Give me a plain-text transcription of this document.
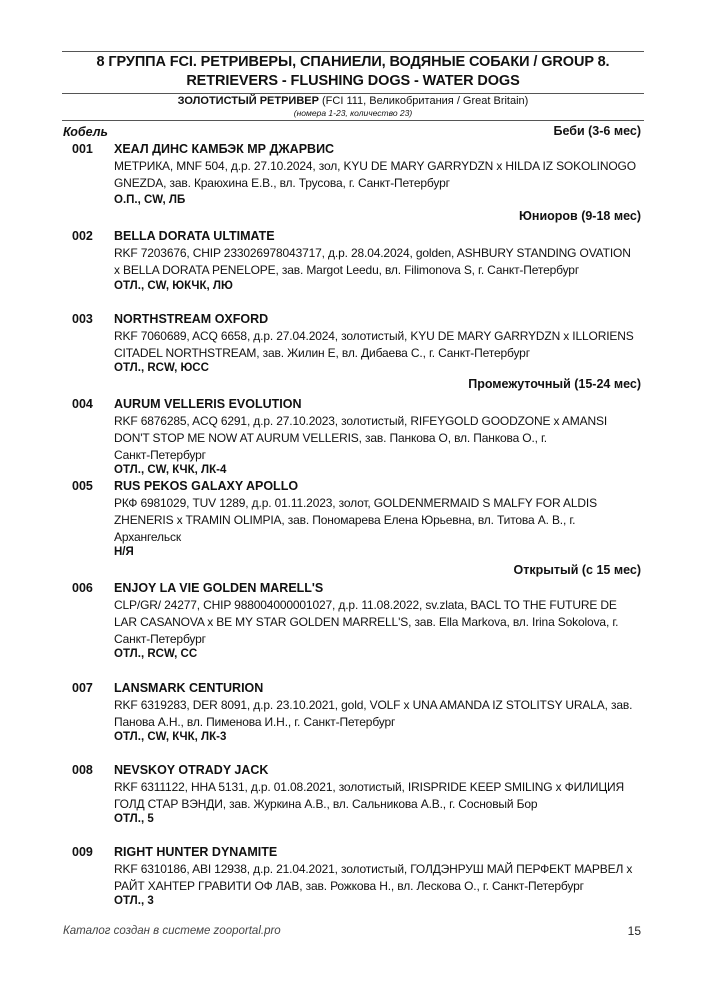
8 ГРУППА FCI. РЕТРИВЕРЫ, СПАНИЕЛИ, ВОДЯНЫЕ СОБАКИ / GROUP 8.
RETRIEVERS - FLUSHING DOGS - WATER DOGS
ЗОЛОТИСТЫЙ РЕТРИВЕР (FCI 111, Великобритания / Great Britain)
(номера 1-23, количество 23)
Кобель	Беби (3-6 мес)
Юниоров (9-18 мес)
Промежуточный (15-24 мес)
Открытый (с 15 мес)
001 ХЕАЛ ДИНС КАМБЭК МР ДЖАРВИС
МЕТРИКА, MNF 504, д.р. 27.10.2024, зол, KYU DE MARY GARRYDZN x HILDA IZ SOKOLINOGO
GNEZDA, зав. Краюхина Е.В., вл. Трусова, г. Санкт-Петербург
О.П., CW, ЛБ
002 BELLA DORATA ULTIMATE
RKF 7203676, CHIP 233026978043717, д.р. 28.04.2024, golden, ASHBURY STANDING OVATION
x BELLA DORATA PENELOPE, зав. Margot Leedu, вл. Filimonova S, г. Санкт-Петербург
ОТЛ., CW, ЮКЧК, ЛЮ
003 NORTHSTREAM OXFORD
RKF 7060689, ACQ 6658, д.р. 27.04.2024, золотистый, KYU DE MARY GARRYDZN x ILLORIENS
CITADEL NORTHSTREAM, зав. Жилин Е, вл. Дибаева С., г. Санкт-Петербург
ОТЛ., RCW, ЮСС
004 AURUM VELLERIS EVOLUTION
RKF 6876285, ACQ 6291, д.р. 27.10.2023, золотистый, RIFEYGOLD GOODZONE x AMANSI
DON'T STOP ME NOW AT AURUM VELLERIS, зав. Панкова О, вл. Панкова О., г.
Санкт-Петербург
ОТЛ., CW, КЧК, ЛК-4
005 RUS PEKOS GALAXY APOLLO
РКФ 6981029, TUV 1289, д.р. 01.11.2023, золот, GOLDENMERMAID S MALFY FOR ALDIS
ZHENERIS x TRAMIN OLIMPIA, зав. Пономарева Елена Юрьевна, вл. Титова А. В., г.
Архангельск
Н/Я
006 ENJOY LA VIE GOLDEN MARELL'S
CLP/GR/ 24277, CHIP 988004000001027, д.р. 11.08.2022, sv.zlata, BACL TO THE FUTURE DE
LAR CASANOVA x BE MY STAR GOLDEN MARRELL'S, зав. Ella Markova, вл. Irina Sokolova, г.
Санкт-Петербург
ОТЛ., RCW, СС
007 LANSMARK CENTURION
RKF 6319283, DER 8091, д.р. 23.10.2021, gold, VOLF x UNA AMANDA IZ STOLITSY URALA, зав.
Панова А.Н., вл. Пименова И.Н., г. Санкт-Петербург
ОТЛ., CW, КЧК, ЛК-3
008 NEVSKOY OTRADY JACK
RKF 6311122, HHA 5131, д.р. 01.08.2021, золотистый, IRISPRIDE KEEP SMILING x ФИЛИЦИЯ
ГОЛД СТАР ВЭНДИ, зав. Журкина А.В., вл. Сальникова А.В., г. Сосновый Бор
ОТЛ., 5
009 RIGHT HUNTER DYNAMITE
RKF 6310186, ABI 12938, д.р. 21.04.2021, золотистый, ГОЛДЭНРУШ МАЙ ПЕРФЕКТ МАРВЕЛ x
РАЙТ ХАНТЕР ГРАВИТИ ОФ ЛАВ, зав. Рожкова Н., вл. Лескова О., г. Санкт-Петербург
ОТЛ., 3
Каталог создан в системе zooportal.pro	15
